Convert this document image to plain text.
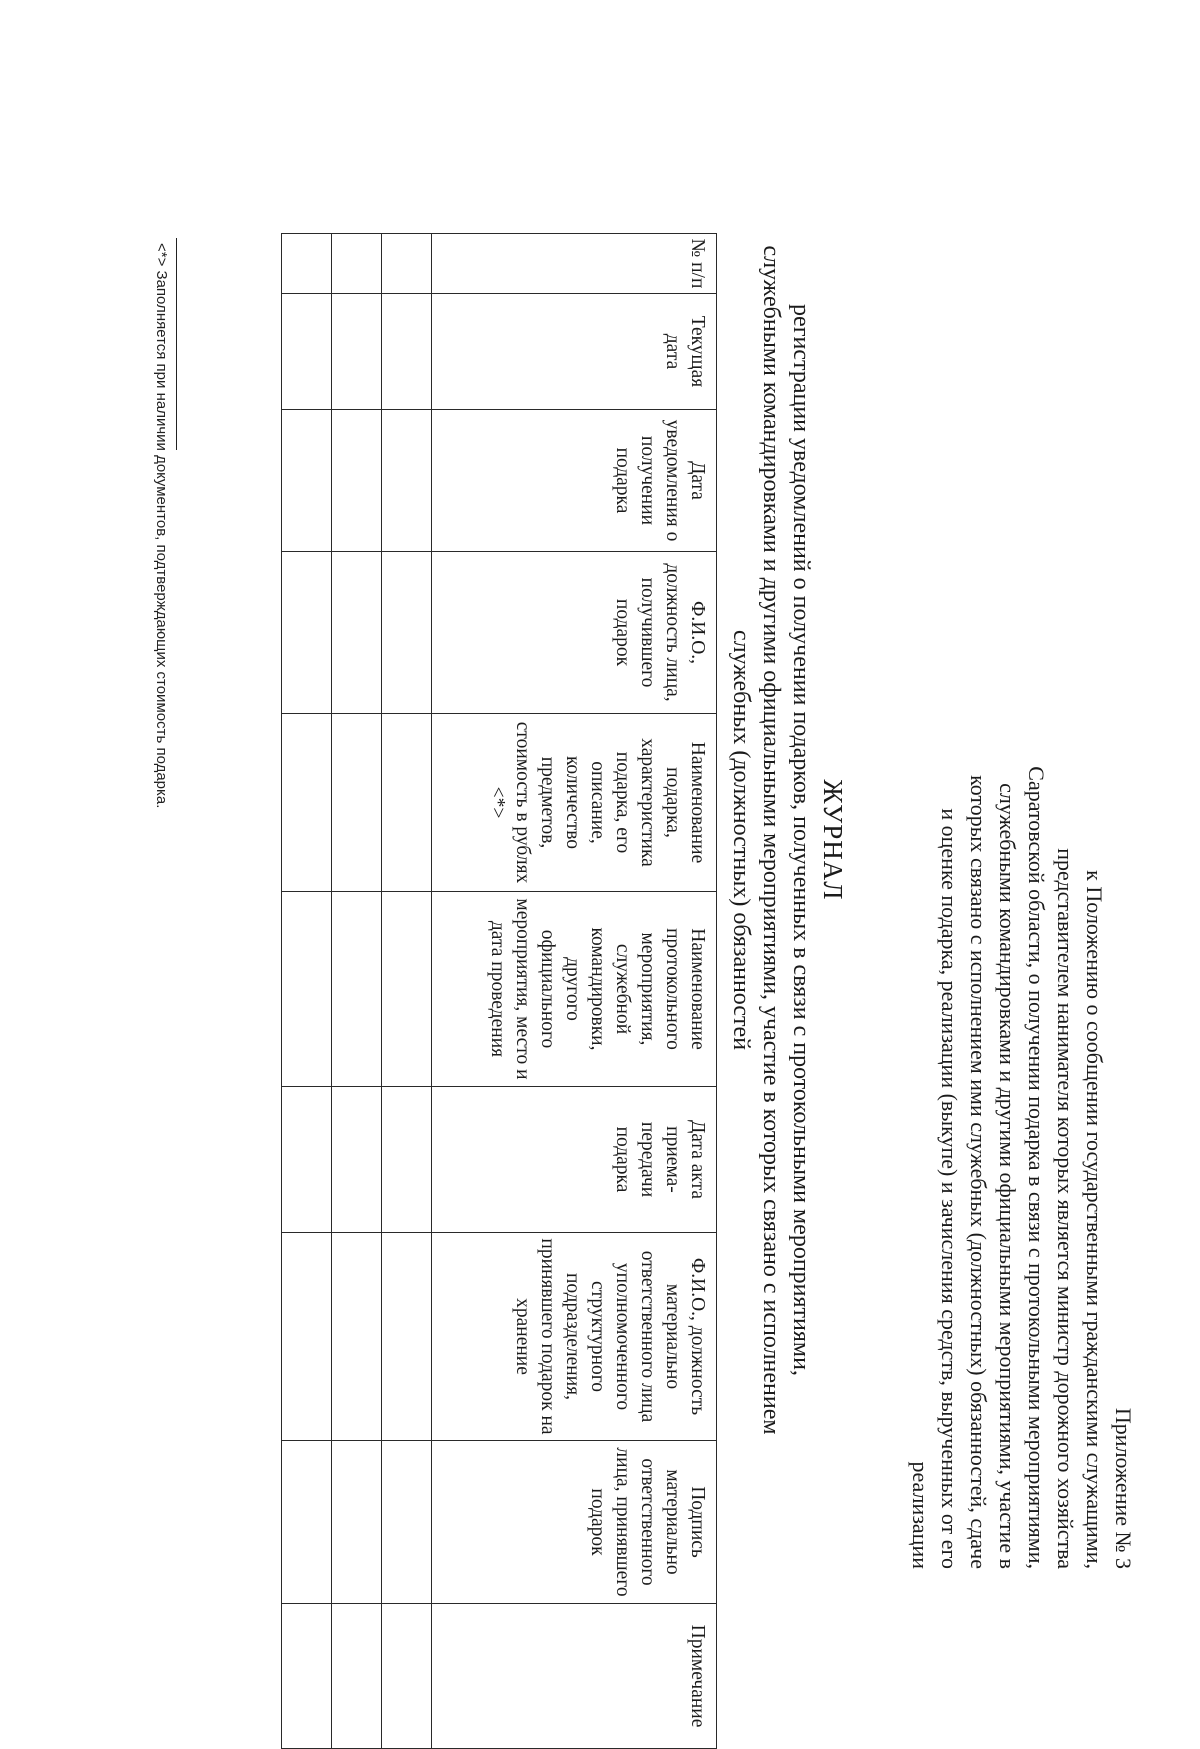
Приложение № 3
к Положению о сообщении государственными гражданскими служащими, представителем нанимателя которых является министр дорожного хозяйства Саратовской области, о получении подарка в связи с протокольными мероприятиями, служебными командировками и другими официальными мероприятиями, участие в которых связано с исполнением ими служебных (должностных) обязанностей, сдаче и оценке подарка, реализации (выкупе) и зачисления средств, вырученных от его реализации
ЖУРНАЛ
регистрации уведомлений о получении подарков, полученных в связи с протокольными мероприятиями, служебными командировками и другими официальными мероприятиями, участие в которых связано с исполнением служебных (должностных) обязанностей
№ п/п	Текущая дата	Дата уведомления о получении подарка	Ф.И.О., должность лица, получившего подарок	Наименование подарка, характеристика подарка, его описание, количество предметов, стоимость в рублях <*>	Наименование протокольного мероприятия, служебной командировки, другого официального мероприятия, место и дата проведения	Дата акта приема-передачи подарка	Ф.И.О., должность материально ответственного лица уполномоченного структурного подразделения, принявшего подарок на хранение	Подпись материально ответственного лица, принявшего подарок	Примечание

<*> Заполняется при наличии документов, подтверждающих стоимость подарка.
